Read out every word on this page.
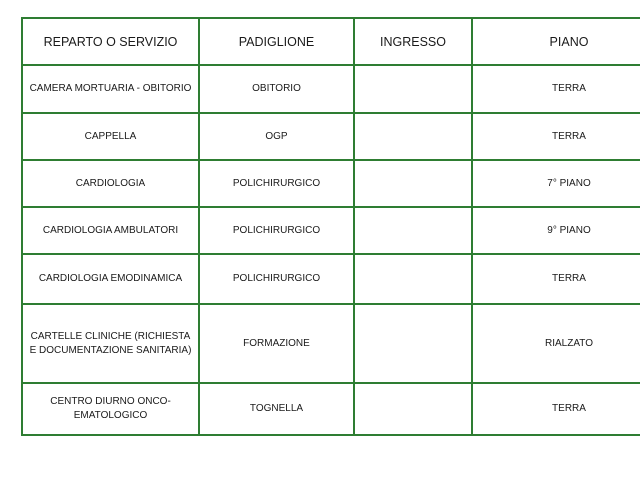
REPARTO O SERVIZIO	PADIGLIONE	INGRESSO	PIANO
CAMERA MORTUARIA - OBITORIO	OBITORIO		TERRA
CAPPELLA	OGP		TERRA
CARDIOLOGIA	POLICHIRURGICO		7° PIANO
CARDIOLOGIA AMBULATORI	POLICHIRURGICO		9° PIANO
CARDIOLOGIA EMODINAMICA	POLICHIRURGICO		TERRA
CARTELLE CLINICHE (RICHIESTA E DOCUMENTAZIONE SANITARIA)	FORMAZIONE		RIALZATO
CENTRO DIURNO ONCO-EMATOLOGICO	TOGNELLA		TERRA
